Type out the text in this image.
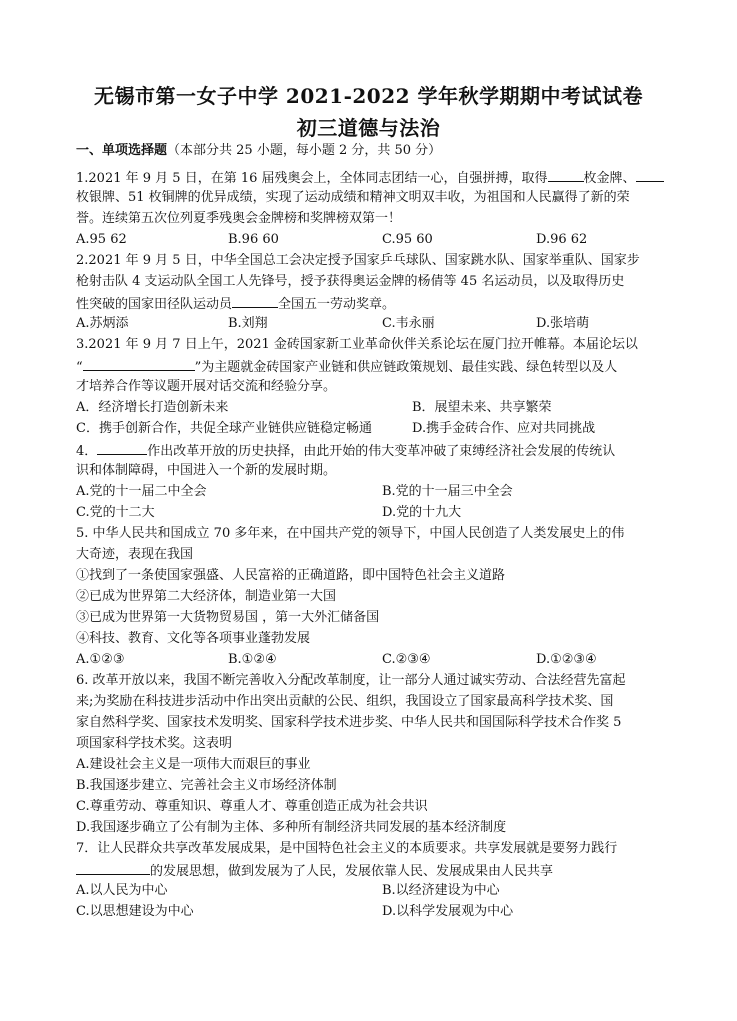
无锡市第一女子中学 2021-2022 学年秋学期期中考试试卷
初三道德与法治
一、单项选择题（本部分共 25 小题，每小题 2 分，共 50 分）
1.2021 年 9 月 5 日，在第 16 届残奥会上，全体同志团结一心，自强拼搏，取得	枚金牌、
枚银牌、51 枚铜牌的优异成绩，实现了运动成绩和精神文明双丰收，为祖国和人民赢得了新的荣
誉。连续第五次位列夏季残奥会金牌榜和奖牌榜双第一！
A.95 62	B.96 60	C.95 60	D.96 62
2.2021 年 9 月 5 日，中华全国总工会决定授予国家乒乓球队、国家跳水队、国家举重队、国家步
枪射击队 4 支运动队全国工人先锋号，授予获得奥运金牌的杨倩等 45 名运动员，以及取得历史
性突破的国家田径队运动员	全国五一劳动奖章。
A.苏炳添	B.刘翔	C.韦永丽	D.张培萌
3.2021 年 9 月 7 日上午，2021 金砖国家新工业革命伙伴关系论坛在厦门拉开帷幕。本届论坛以
“	”为主题就金砖国家产业链和供应链政策规划、最佳实践、绿色转型以及人
才培养合作等议题开展对话交流和经验分享。
A．经济增长打造创新未来	B．展望未来、共享繁荣
C．携手创新合作，共促全球产业链供应链稳定畅通	D.携手金砖合作、应对共同挑战
4．	作出改革开放的历史抉择，由此开始的伟大变革冲破了束缚经济社会发展的传统认
识和体制障碍，中国进入一个新的发展时期。
A.党的十一届二中全会	B.党的十一届三中全会
C.党的十二大	D.党的十九大
5. 中华人民共和国成立 70 多年来，在中国共产党的领导下，中国人民创造了人类发展史上的伟
大奇迹，表现在我国
①找到了一条使国家强盛、人民富裕的正确道路，即中国特色社会主义道路
②已成为世界第二大经济体，制造业第一大国
③已成为世界第一大货物贸易国 ，第一大外汇储备国
④科技、教育、文化等各项事业蓬勃发展
A.①②③	B.①②④	C.②③④	D.①②③④
6. 改革开放以来，我国不断完善收入分配改革制度，让一部分人通过诚实劳动、合法经营先富起
来;为奖励在科技进步活动中作出突出贡献的公民、组织，我国设立了国家最高科学技术奖、国
家自然科学奖、国家技术发明奖、国家科学技术进步奖、中华人民共和国国际科学技术合作奖 5
项国家科学技术奖。这表明
A.建设社会主义是一项伟大而艰巨的事业
B.我国逐步建立、完善社会主义市场经济体制
C.尊重劳动、尊重知识、尊重人才、尊重创造正成为社会共识
D.我国逐步确立了公有制为主体、多种所有制经济共同发展的基本经济制度
7．让人民群众共享改革发展成果，是中国特色社会主义的本质要求。共享发展就是要努力践行
的发展思想，做到发展为了人民，发展依靠人民、发展成果由人民共享
A.以人民为中心	B.以经济建设为中心
C.以思想建设为中心	D.以科学发展观为中心
